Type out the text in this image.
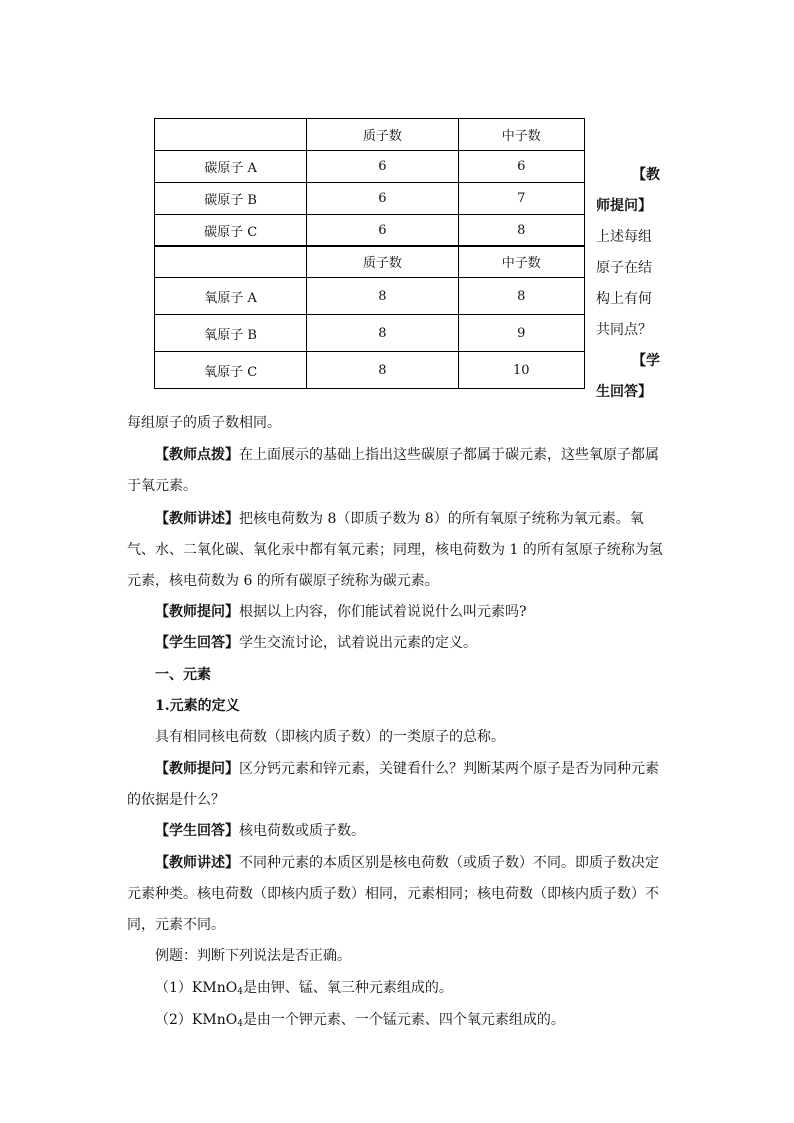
	质子数	中子数
碳原子 A	6	6
碳原子 B	6	7
碳原子 C	6	8
	质子数	中子数
氧原子 A	8	8
氧原子 B	8	9
氧原子 C	8	10
【教
师提问】
上述每组
原子在结
构上有何
共同点？
【学
生回答】

每组原子的质子数相同。

【教师点拨】在上面展示的基础上指出这些碳原子都属于碳元素，这些氧原子都属

于氧元素。

【教师讲述】把核电荷数为 8（即质子数为 8）的所有氧原子统称为氧元素。氧

气、水、二氧化碳、氧化汞中都有氧元素；同理，核电荷数为 1 的所有氢原子统称为氢

元素，核电荷数为 6 的所有碳原子统称为碳元素。

【教师提问】根据以上内容，你们能试着说说什么叫元素吗?

【学生回答】学生交流讨论，试着说出元素的定义。

一、元素

1.元素的定义

具有相同核电荷数（即核内质子数）的一类原子的总称。

【教师提问】区分钙元素和锌元素，关键看什么？判断某两个原子是否为同种元素

的依据是什么？

【学生回答】核电荷数或质子数。

【教师讲述】不同种元素的本质区别是核电荷数（或质子数）不同。即质子数决定

元素种类。核电荷数（即核内质子数）相同，元素相同；核电荷数（即核内质子数）不

同，元素不同。

例题：判断下列说法是否正确。

（1）KMnO$_4$是由钾、锰、氧三种元素组成的。

（2）KMnO$_4$是由一个钾元素、一个锰元素、四个氧元素组成的。
